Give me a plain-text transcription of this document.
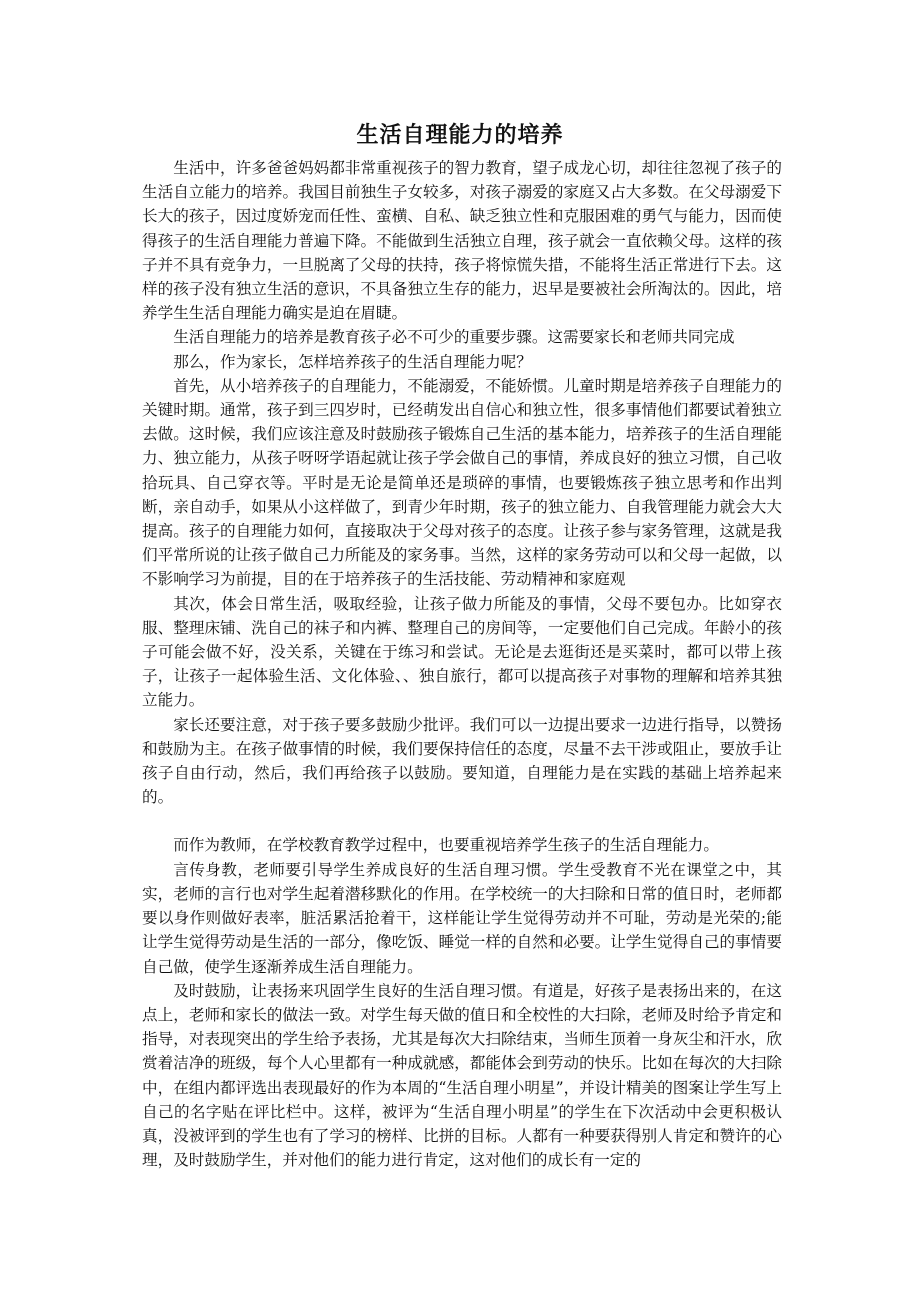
生活自理能力的培养

生活中，许多爸爸妈妈都非常重视孩子的智力教育，望子成龙心切，却往往忽视了孩子的生活自立能力的培养。我国目前独生子女较多，对孩子溺爱的家庭又占大多数。在父母溺爱下长大的孩子，因过度娇宠而任性、蛮横、自私、缺乏独立性和克服困难的勇气与能力，因而使得孩子的生活自理能力普遍下降。不能做到生活独立自理，孩子就会一直依赖父母。这样的孩子并不具有竞争力，一旦脱离了父母的扶持，孩子将惊慌失措，不能将生活正常进行下去。这样的孩子没有独立生活的意识，不具备独立生存的能力，迟早是要被社会所淘汰的。因此，培养学生生活自理能力确实是迫在眉睫。

生活自理能力的培养是教育孩子必不可少的重要步骤。这需要家长和老师共同完成

那么，作为家长，怎样培养孩子的生活自理能力呢？

首先，从小培养孩子的自理能力，不能溺爱，不能娇惯。儿童时期是培养孩子自理能力的关键时期。通常，孩子到三四岁时，已经萌发出自信心和独立性，很多事情他们都要试着独立去做。这时候，我们应该注意及时鼓励孩子锻炼自己生活的基本能力，培养孩子的生活自理能力、独立能力，从孩子呀呀学语起就让孩子学会做自己的事情，养成良好的独立习惯，自己收拾玩具、自己穿衣等。平时是无论是简单还是琐碎的事情，也要锻炼孩子独立思考和作出判断，亲自动手，如果从小这样做了，到青少年时期，孩子的独立能力、自我管理能力就会大大提高。孩子的自理能力如何，直接取决于父母对孩子的态度。让孩子参与家务管理，这就是我们平常所说的让孩子做自己力所能及的家务事。当然，这样的家务劳动可以和父母一起做，以不影响学习为前提，目的在于培养孩子的生活技能、劳动精神和家庭观

其次，体会日常生活，吸取经验，让孩子做力所能及的事情，父母不要包办。比如穿衣服、整理床铺、洗自己的袜子和内裤、整理自己的房间等，一定要他们自己完成。年龄小的孩子可能会做不好，没关系，关键在于练习和尝试。无论是去逛街还是买菜时，都可以带上孩子，让孩子一起体验生活、文化体验、、独自旅行，都可以提高孩子对事物的理解和培养其独立能力。

家长还要注意，对于孩子要多鼓励少批评。我们可以一边提出要求一边进行指导，以赞扬和鼓励为主。在孩子做事情的时候，我们要保持信任的态度，尽量不去干涉或阻止，要放手让孩子自由行动，然后，我们再给孩子以鼓励。要知道，自理能力是在实践的基础上培养起来的。

而作为教师，在学校教育教学过程中，也要重视培养学生孩子的生活自理能力。

言传身教，老师要引导学生养成良好的生活自理习惯。学生受教育不光在课堂之中，其实，老师的言行也对学生起着潜移默化的作用。在学校统一的大扫除和日常的值日时，老师都要以身作则做好表率，脏活累活抢着干，这样能让学生觉得劳动并不可耻，劳动是光荣的;能让学生觉得劳动是生活的一部分，像吃饭、睡觉一样的自然和必要。让学生觉得自己的事情要自己做，使学生逐渐养成生活自理能力。

及时鼓励，让表扬来巩固学生良好的生活自理习惯。有道是，好孩子是表扬出来的，在这点上，老师和家长的做法一致。对学生每天做的值日和全校性的大扫除，老师及时给予肯定和指导，对表现突出的学生给予表扬，尤其是每次大扫除结束，当师生顶着一身灰尘和汗水，欣赏着洁净的班级，每个人心里都有一种成就感，都能体会到劳动的快乐。比如在每次的大扫除中，在组内都评选出表现最好的作为本周的“生活自理小明星”，并设计精美的图案让学生写上自己的名字贴在评比栏中。这样，被评为“生活自理小明星”的学生在下次活动中会更积极认真，没被评到的学生也有了学习的榜样、比拼的目标。人都有一种要获得别人肯定和赞许的心理，及时鼓励学生，并对他们的能力进行肯定，这对他们的成长有一定的
